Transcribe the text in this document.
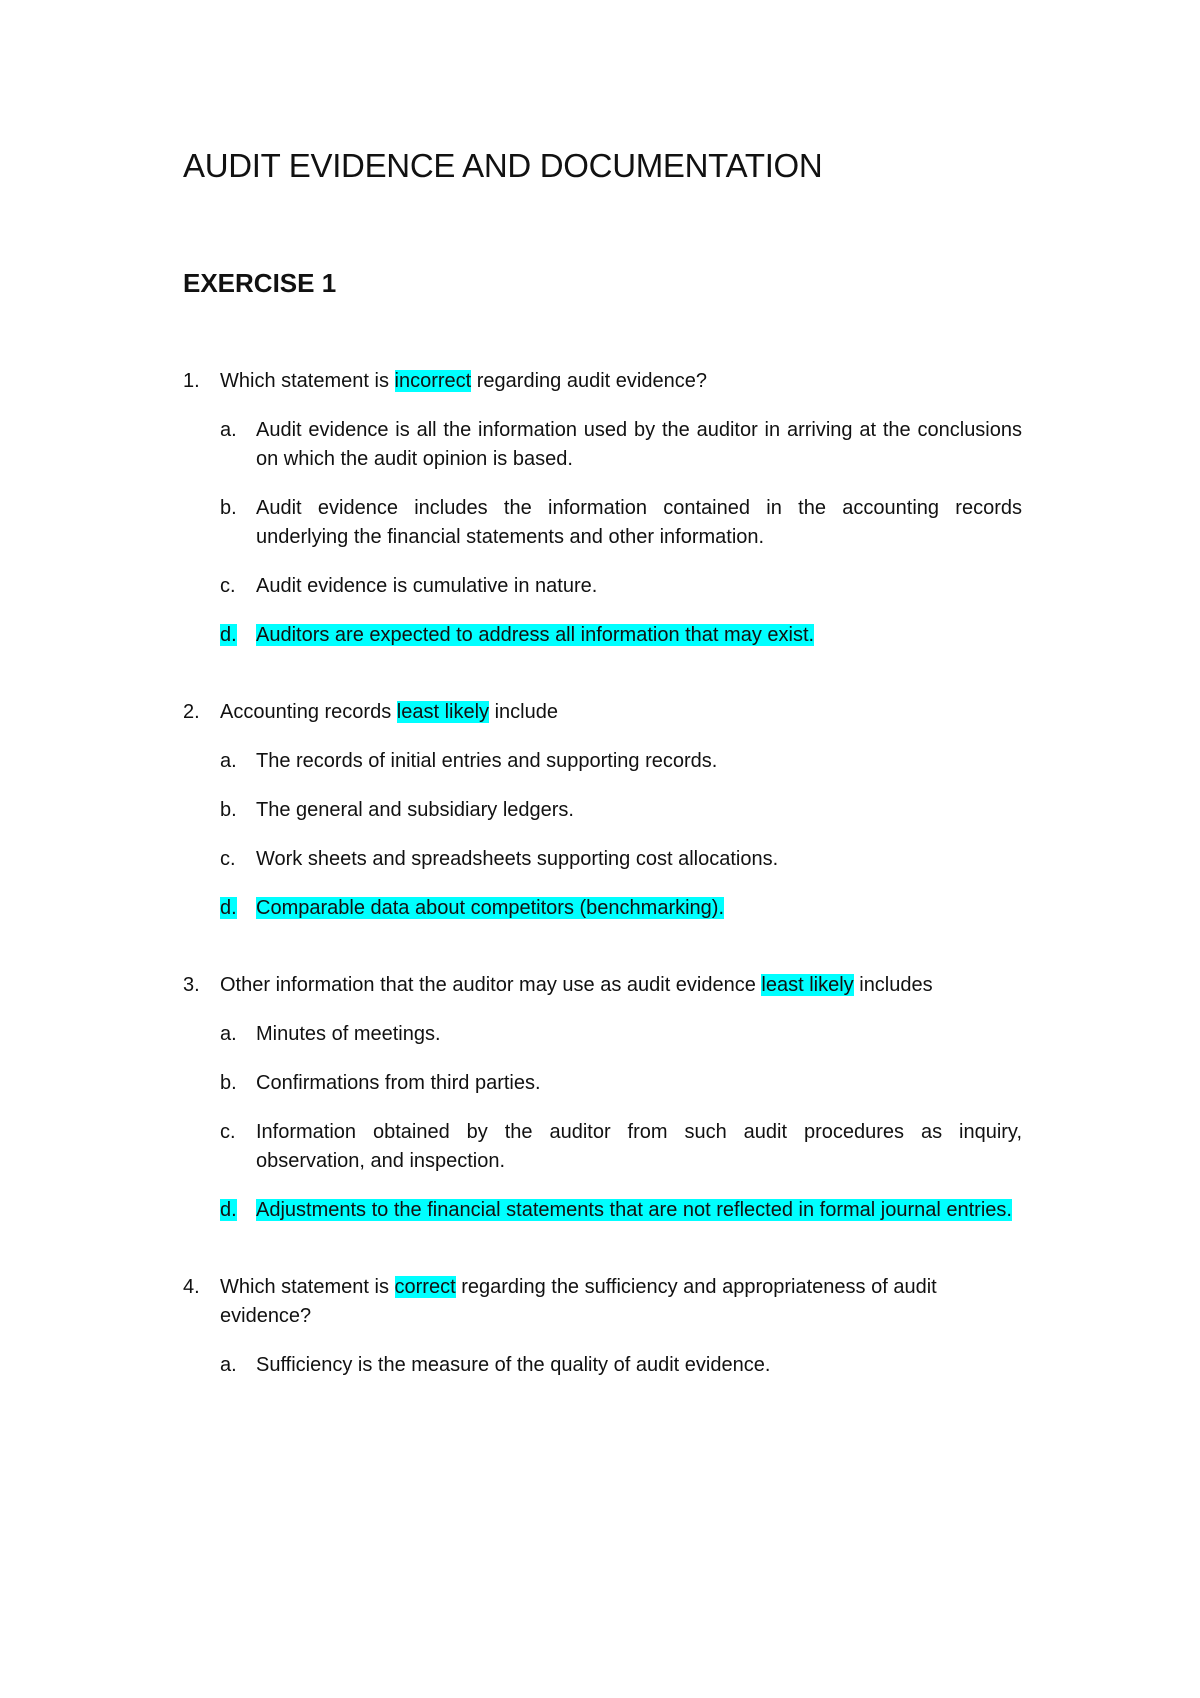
AUDIT EVIDENCE AND DOCUMENTATION
EXERCISE 1
1.	Which statement is incorrect regarding audit evidence?
a. Audit evidence is all the information used by the auditor in arriving at the conclusions on which the audit opinion is based.
b. Audit evidence includes the information contained in the accounting records underlying the financial statements and other information.
c.	Audit evidence is cumulative in nature.
d. Auditors are expected to address all information that may exist.
2.	Accounting records least likely include
a. The records of initial entries and supporting records.
b. The general and subsidiary ledgers.
c.	Work sheets and spreadsheets supporting cost allocations.
d. Comparable data about competitors (benchmarking).
3.	Other information that the auditor may use as audit evidence least likely includes
a. Minutes of meetings.
b. Confirmations from third parties.
c.	Information obtained by the auditor from such audit procedures as inquiry, observation, and inspection.
d. Adjustments to the financial statements that are not reflected in formal journal entries.
4.	Which statement is correct regarding the sufficiency and appropriateness of audit evidence?
a. Sufficiency is the measure of the quality of audit evidence.
